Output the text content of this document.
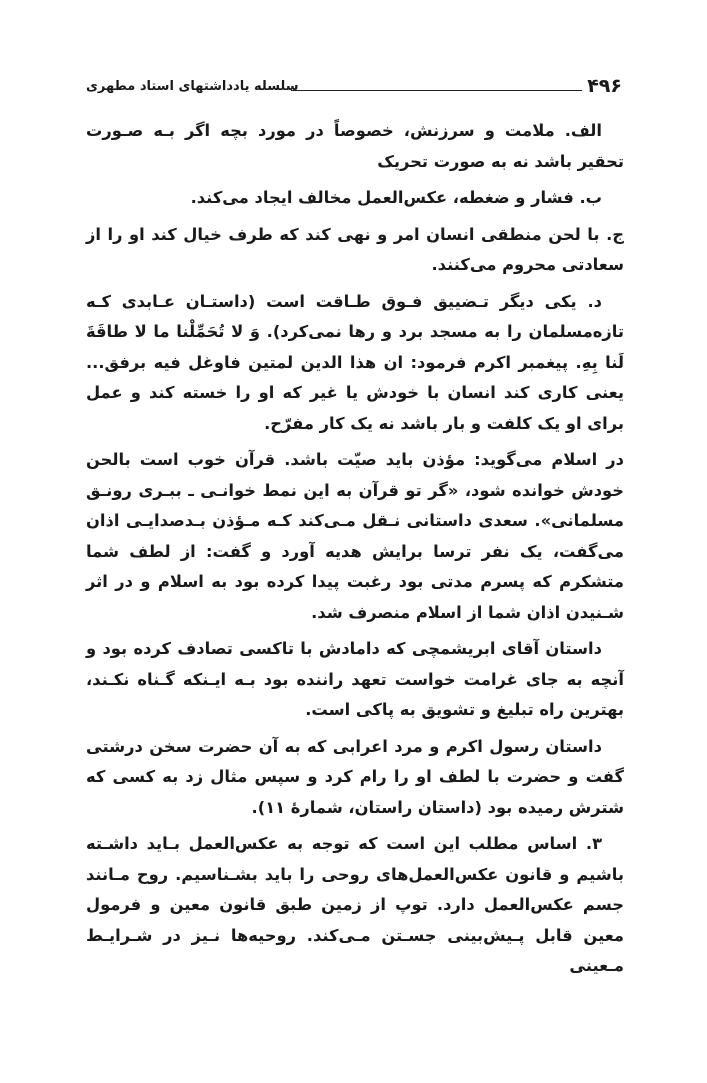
۴۹۶
سلسله یادداشتهای استاد مطهری

الف. ملامت و سرزنش، خصوصاً در مورد بچه اگر بـه صـورت تحقیر باشد نه به صورت تحریک

ب. فشار و ضغطه، عکس‌العمل مخالف ایجاد می‌کند.

ج. با لحن منطقی انسان امر و نهی کند که طرف خیال کند او را از سعادتی محروم می‌کنند.

د. یکی دیگر تـضییق فـوق طـاقت است (داستـان عـابدی کـه تازه‌مسلمان را به مسجد برد و رها نمی‌کرد). وَ لا تُحَمِّلْنا ما لا طاقَةَ لَنا بِهِ. پیغمبر اکرم فرمود: ان هذا الدین لمتین فاوغل فیه برفق... یعنی کاری کند انسان با خودش یا غیر که او را خسته کند و عمل برای او یک کلفت و بار باشد نه یک کار مفرّح.

در اسلام می‌گوید: مؤذن باید صیّت باشد. قرآن خوب است بالحن خودش خوانده شود، «گر تو قرآن به این نمط خوانـی ـ ببـری رونـق مسلمانی». سعدی داستانی نـقل مـی‌کند کـه مـؤذن بـدصدایـی اذان می‌گفت، یک نفر ترسا برایش هدیه آورد و گفت: از لطف شما متشکرم که پسرم مدتی بود رغبت پیدا کرده بود به اسلام و در اثر شـنیدن اذان شما از اسلام منصرف شد.

داستان آقای ابریشمچی که دامادش با تاکسی تصادف کرده بود و آنچه به جای غرامت خواست تعهد راننده بود بـه ایـنکه گـناه نکـند، بهترین راه تبلیغ و تشویق به پاکی است.

داستان رسول اکرم و مرد اعرابی که به آن حضرت سخن درشتی گفت و حضرت با لطف او را رام کرد و سپس مثال زد به کسی که شترش رمیده بود (داستان راستان، شمارهٔ ۱۱).

۳. اساس مطلب این است که توجه به عکس‌العمل بـاید داشـته باشیم و قانون عکس‌العمل‌های روحی را باید بشـناسیم. روح مـانند جسم عکس‌العمل دارد. توپ از زمین طبق قانون معین و فرمول معین قابل پـیش‌بینی جسـتن مـی‌کند. روحیه‌ها نـیز در شـرایـط مـعینی
